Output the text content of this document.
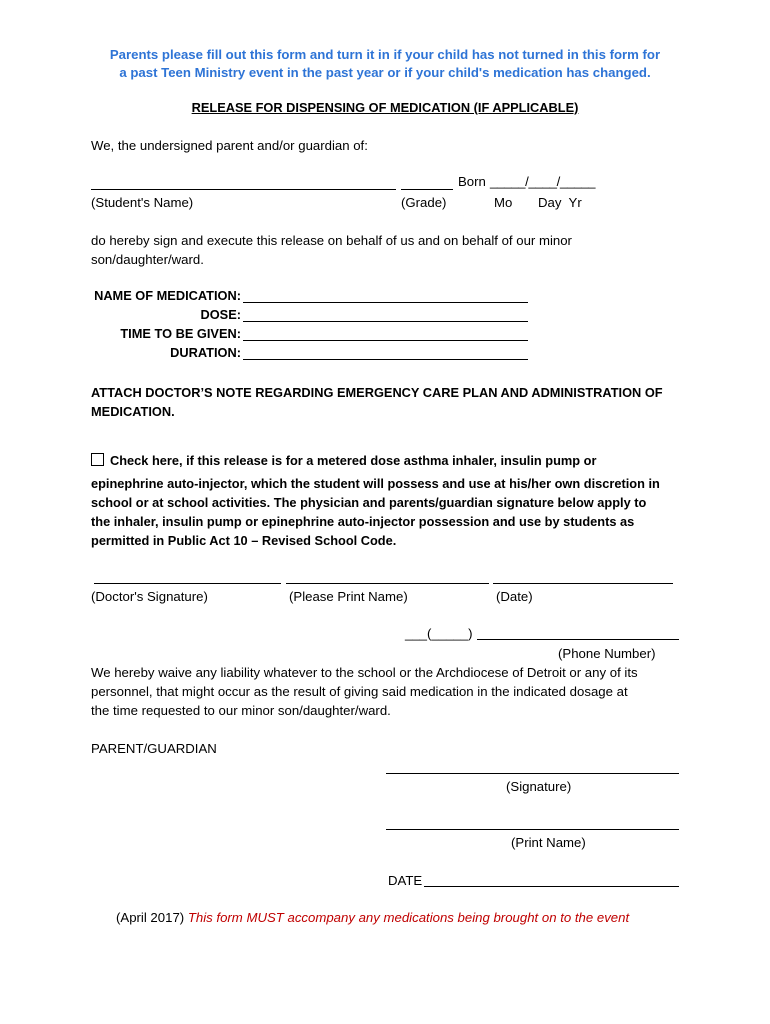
Parents please fill out this form and turn it in if your child has not turned in this form for
a past Teen Ministry event in the past year or if your child's medication has changed.
RELEASE FOR DISPENSING OF MEDICATION (IF APPLICABLE)
We, the undersigned parent and/or guardian of:
Born _____/____/_____
(Student's Name)	(Grade)	Mo Day  Yr
do hereby sign and execute this release on behalf of us and on behalf of our minor
son/daughter/ward.
NAME OF MEDICATION:
DOSE:
TIME TO BE GIVEN:
DURATION:
ATTACH DOCTOR’S NOTE REGARDING EMERGENCY CARE PLAN AND ADMINISTRATION OF
MEDICATION.
Check here, if this release is for a metered dose asthma inhaler, insulin pump or
epinephrine auto-injector, which the student will possess and use at his/her own discretion in
school or at school activities. The physician and parents/guardian signature below apply to
the inhaler, insulin pump or epinephrine auto-injector possession and use by students as
permitted in Public Act 10 – Revised School Code.
(Doctor's Signature)	(Please Print Name)	(Date)
___(_____)
(Phone Number)
We hereby waive any liability whatever to the school or the Archdiocese of Detroit or any of its
personnel, that might occur as the result of giving said medication in the indicated dosage at
the time requested to our minor son/daughter/ward.
PARENT/GUARDIAN
(Signature)
(Print Name)
DATE
(April 2017) This form MUST accompany any medications being brought on to the event
